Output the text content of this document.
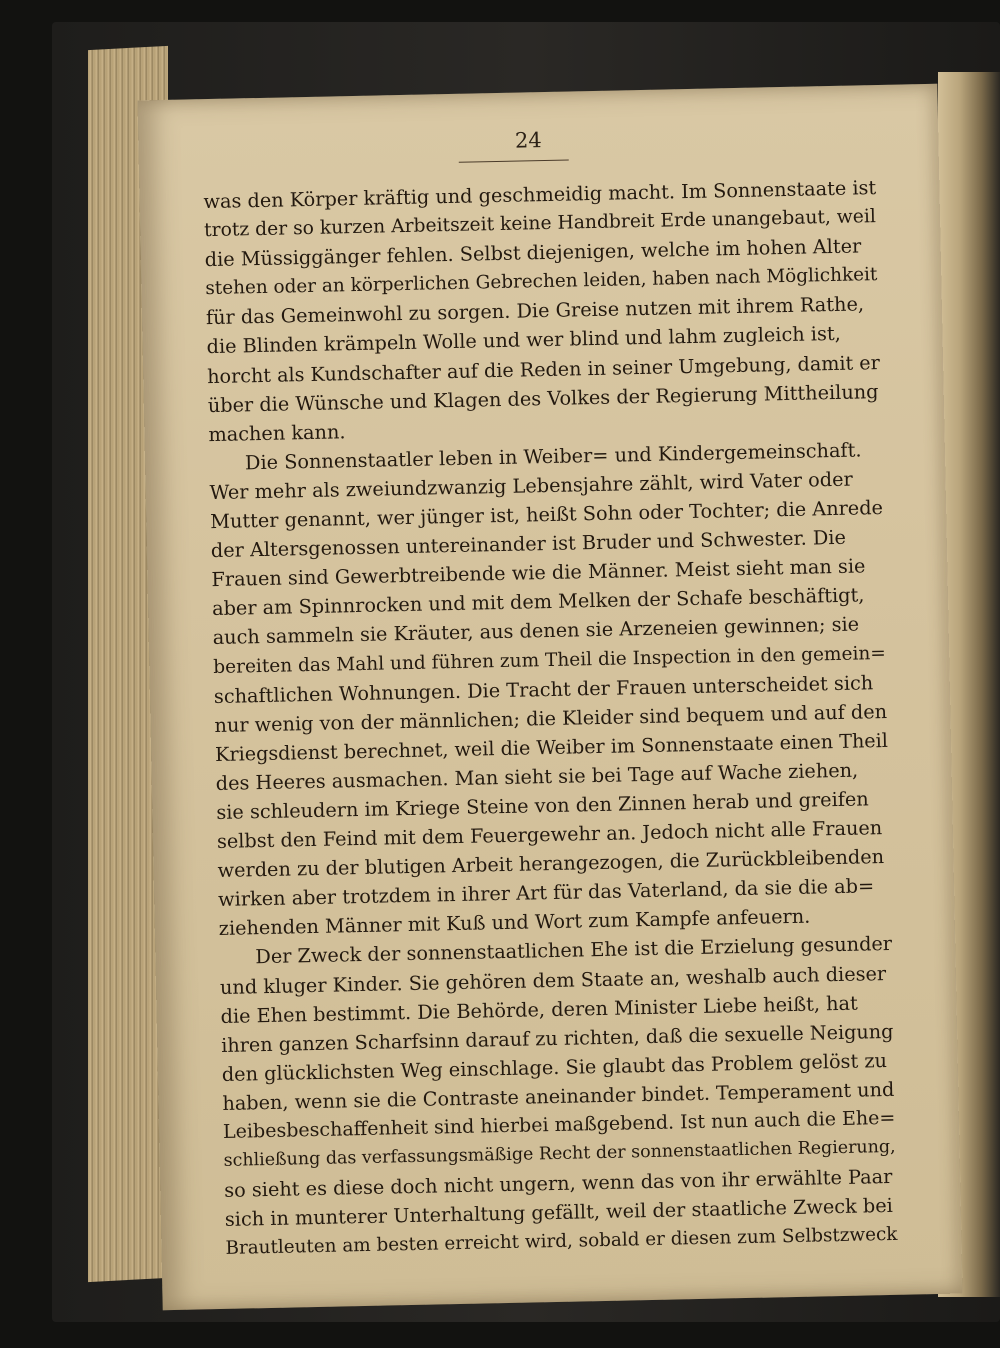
24
was den Körper kräftig und geschmeidig macht. Im Sonnenstaate ist
trotz der so kurzen Arbeitszeit keine Handbreit Erde unangebaut, weil
die Müssiggänger fehlen. Selbst diejenigen, welche im hohen Alter
stehen oder an körperlichen Gebrechen leiden, haben nach Möglichkeit
für das Gemeinwohl zu sorgen. Die Greise nutzen mit ihrem Rathe,
die Blinden krämpeln Wolle und wer blind und lahm zugleich ist,
horcht als Kundschafter auf die Reden in seiner Umgebung, damit er
über die Wünsche und Klagen des Volkes der Regierung Mittheilung
machen kann.
Die Sonnenstaatler leben in Weiber= und Kindergemeinschaft.
Wer mehr als zweiundzwanzig Lebensjahre zählt, wird Vater oder
Mutter genannt, wer jünger ist, heißt Sohn oder Tochter; die Anrede
der Altersgenossen untereinander ist Bruder und Schwester. Die
Frauen sind Gewerbtreibende wie die Männer. Meist sieht man sie
aber am Spinnrocken und mit dem Melken der Schafe beschäftigt,
auch sammeln sie Kräuter, aus denen sie Arzeneien gewinnen; sie
bereiten das Mahl und führen zum Theil die Inspection in den gemein=
schaftlichen Wohnungen. Die Tracht der Frauen unterscheidet sich
nur wenig von der männlichen; die Kleider sind bequem und auf den
Kriegsdienst berechnet, weil die Weiber im Sonnenstaate einen Theil
des Heeres ausmachen. Man sieht sie bei Tage auf Wache ziehen,
sie schleudern im Kriege Steine von den Zinnen herab und greifen
selbst den Feind mit dem Feuergewehr an. Jedoch nicht alle Frauen
werden zu der blutigen Arbeit herangezogen, die Zurückbleibenden
wirken aber trotzdem in ihrer Art für das Vaterland, da sie die ab=
ziehenden Männer mit Kuß und Wort zum Kampfe anfeuern.
Der Zweck der sonnenstaatlichen Ehe ist die Erzielung gesunder
und kluger Kinder. Sie gehören dem Staate an, weshalb auch dieser
die Ehen bestimmt. Die Behörde, deren Minister Liebe heißt, hat
ihren ganzen Scharfsinn darauf zu richten, daß die sexuelle Neigung
den glücklichsten Weg einschlage. Sie glaubt das Problem gelöst zu
haben, wenn sie die Contraste aneinander bindet. Temperament und
Leibesbeschaffenheit sind hierbei maßgebend. Ist nun auch die Ehe=
schließung das verfassungsmäßige Recht der sonnenstaatlichen Regierung,
so sieht es diese doch nicht ungern, wenn das von ihr erwählte Paar
sich in munterer Unterhaltung gefällt, weil der staatliche Zweck bei
Brautleuten am besten erreicht wird, sobald er diesen zum Selbstzweck
